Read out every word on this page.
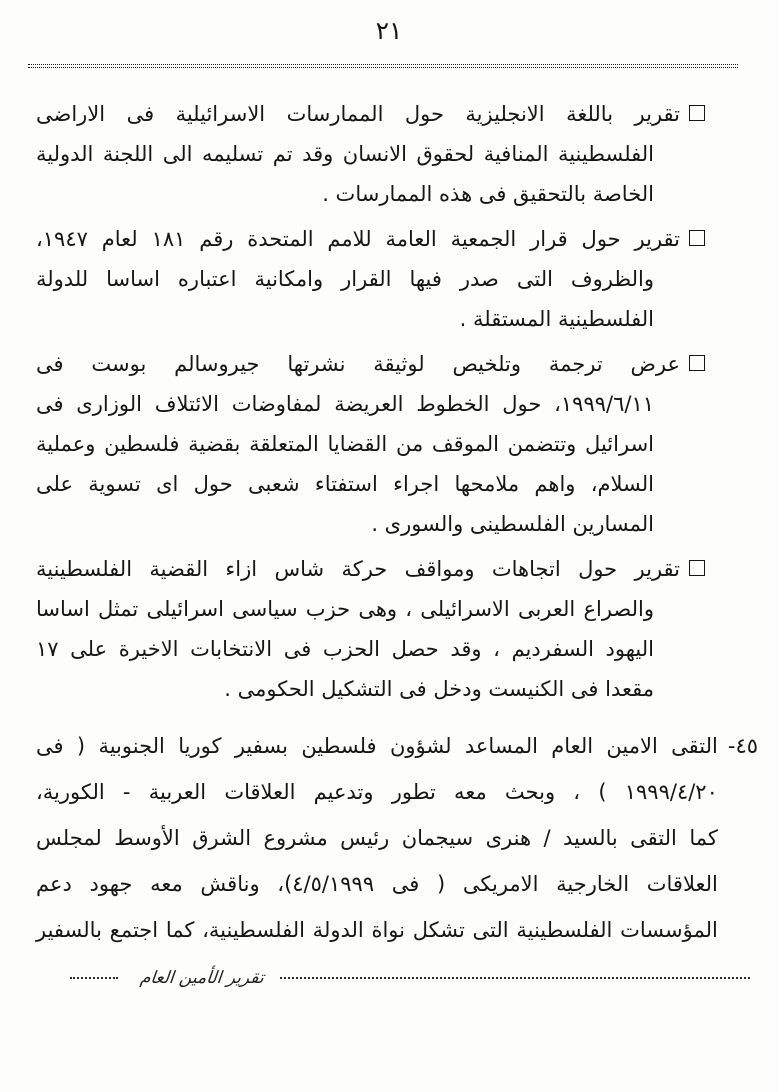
٢١
تقرير باللغة الانجليزية حول الممارسات الاسرائيلية فى الاراضى
الفلسطينية المنافية لحقوق الانسان وقد تم تسليمه الى اللجنة الدولية
الخاصة بالتحقيق فى هذه الممارسات .
تقرير حول قرار الجمعية العامة للامم المتحدة رقم ١٨١ لعام ١٩٤٧،
والظروف التى صدر فيها القرار وامكانية اعتباره اساسا للدولة
الفلسطينية المستقلة .
عرض ترجمة وتلخيص لوثيقة نشرتها جيروسالم بوست فى
١٩٩٩/٦/١١، حول الخطوط العريضة لمفاوضات الائتلاف الوزارى فى
اسرائيل وتتضمن الموقف من القضايا المتعلقة بقضية فلسطين وعملية
السلام، واهم ملامحها اجراء استفتاء شعبى حول اى تسوية على
المسارين الفلسطينى والسورى .
تقرير حول اتجاهات ومواقف حركة شاس ازاء القضية الفلسطينية
والصراع العربى الاسرائيلى ، وهى حزب سياسى اسرائيلى تمثل اساسا
اليهود السفرديم ، وقد حصل الحزب فى الانتخابات الاخيرة على ١٧
مقعدا فى الكنيست ودخل فى التشكيل الحكومى .
٤٥-
التقى الامين العام المساعد لشؤون فلسطين بسفير كوريا الجنوبية ( فى
١٩٩٩/٤/٢٠ ) ، وبحث معه تطور وتدعيم العلاقات العربية - الكورية،
كما التقى بالسيد / هنرى سيجمان رئيس مشروع الشرق الأوسط لمجلس
العلاقات الخارجية الامريكى ( فى ٤/٥/١٩٩٩)، وناقش معه جهود دعم
المؤسسات الفلسطينية التى تشكل نواة الدولة الفلسطينية، كما اجتمع بالسفير
تقرير الأمين العام
